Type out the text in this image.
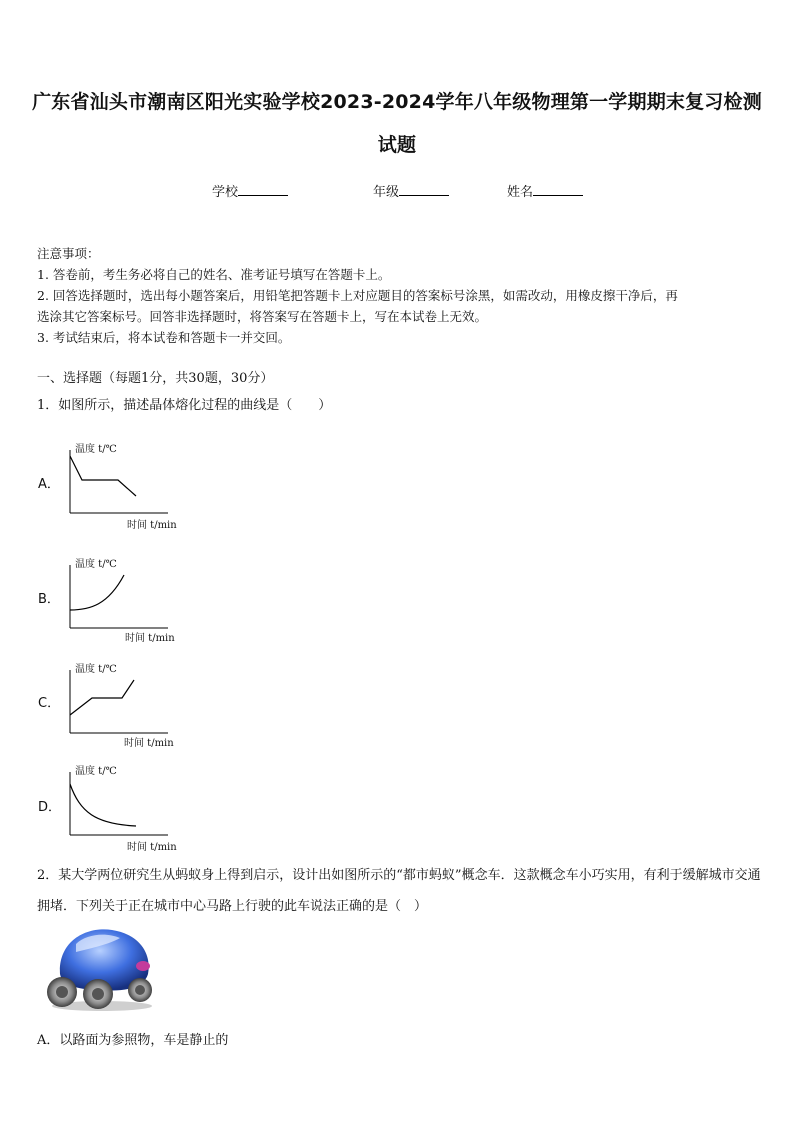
广东省汕头市潮南区阳光实验学校2023-2024学年八年级物理第一学期期末复习检测
试题
学校	年级	姓名

注意事项：

1. 答卷前，考生务必将自己的姓名、准考证号填写在答题卡上。

2. 回答选择题时，选出每小题答案后，用铅笔把答题卡上对应题目的答案标号涂黑，如需改动，用橡皮擦干净后，再

选涂其它答案标号。回答非选择题时，将答案写在答题卡上，写在本试卷上无效。

3. 考试结束后，将本试卷和答题卡一并交回。

一、选择题（每题1分，共30题，30分）
1．如图所示，描述晶体熔化过程的曲线是（　　）
A．
温度 t/℃
时间 t/min
B．
温度 t/℃
时间 t/min
C．
温度 t/℃
时间 t/min
D．
温度 t/℃
时间 t/min
2．某大学两位研究生从蚂蚁身上得到启示，设计出如图所示的“都市蚂蚁”概念车．这款概念车小巧实用，有利于缓解城市交通拥堵．下列关于正在城市中心马路上行驶的此车说法正确的是（　）
A．以路面为参照物，车是静止的
